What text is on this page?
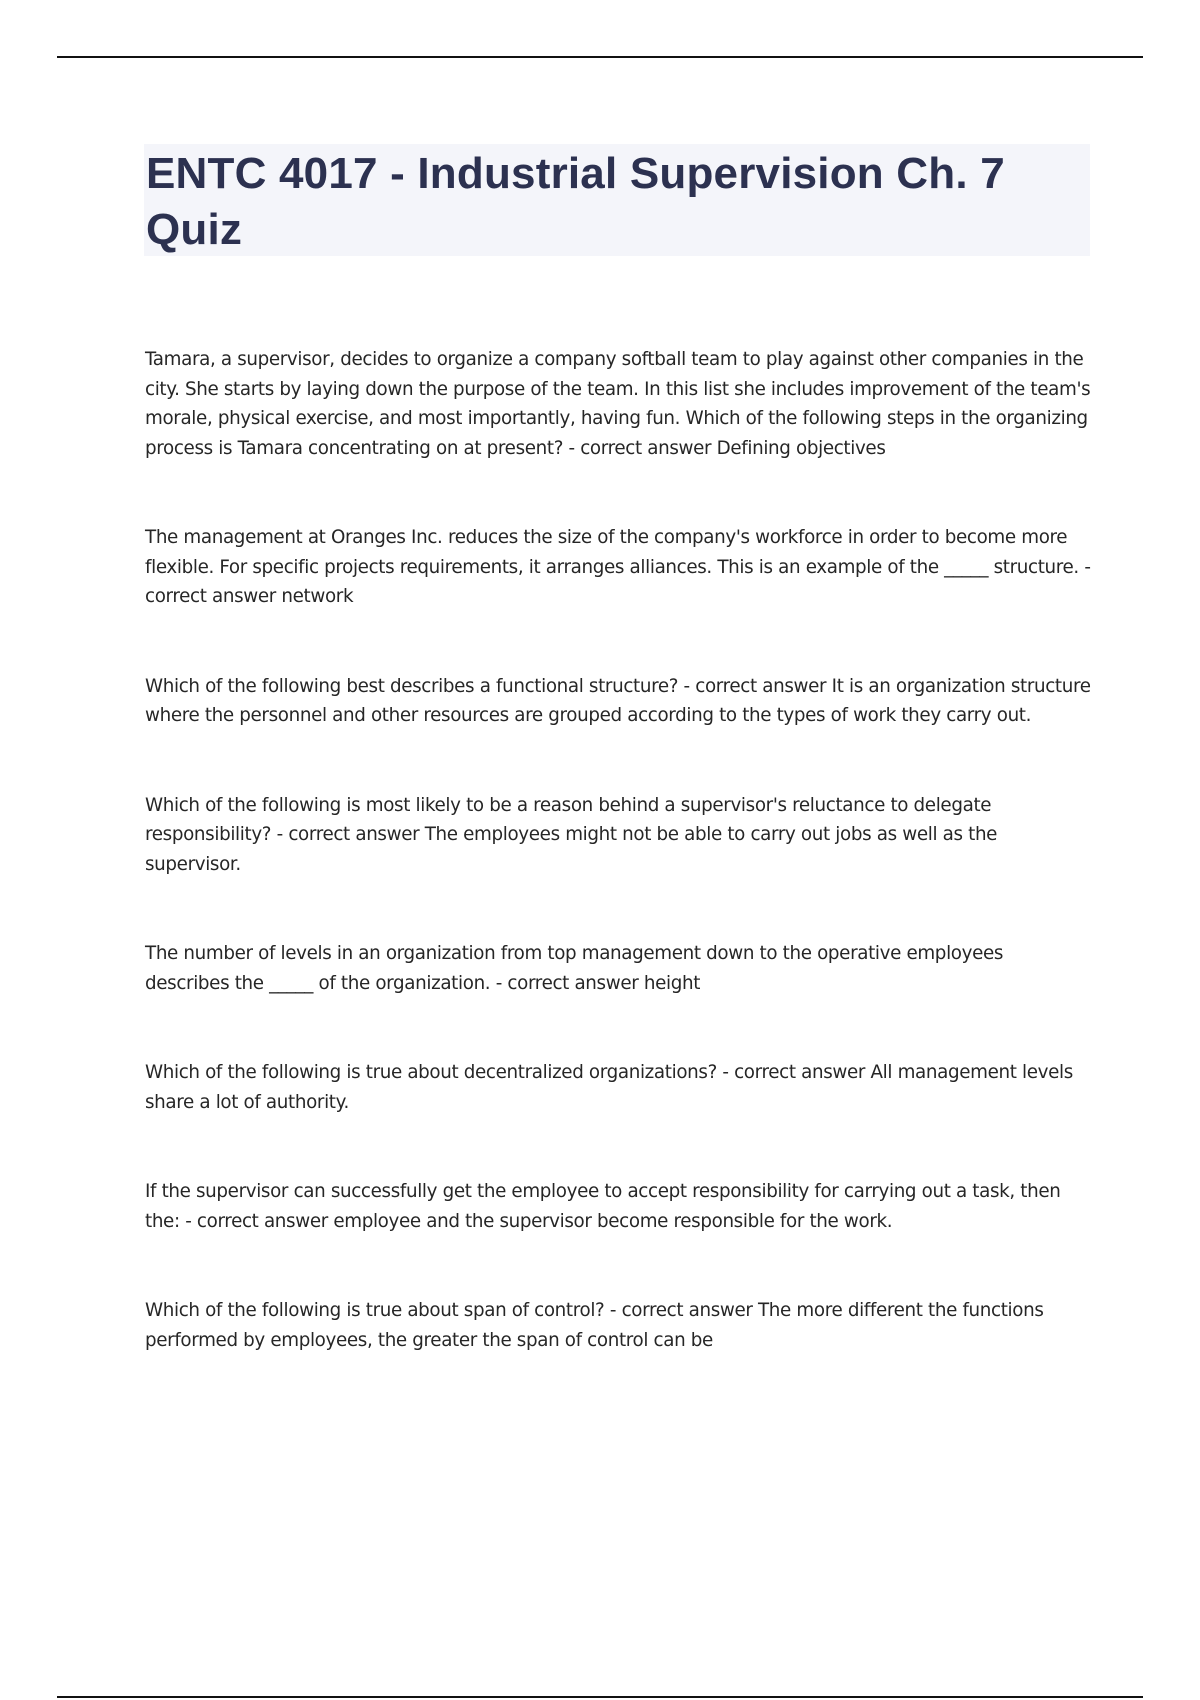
ENTC 4017 - Industrial Supervision Ch. 7 Quiz

Tamara, a supervisor, decides to organize a company softball team to play against other companies in the city. She starts by laying down the purpose of the team. In this list she includes improvement of the team's morale, physical exercise, and most importantly, having fun. Which of the following steps in the organizing process is Tamara concentrating on at present? - correct answer Defining objectives

The management at Oranges Inc. reduces the size of the company's workforce in order to become more flexible. For specific projects requirements, it arranges alliances. This is an example of the _____ structure. - correct answer network

Which of the following best describes a functional structure? - correct answer It is an organization structure where the personnel and other resources are grouped according to the types of work they carry out.

Which of the following is most likely to be a reason behind a supervisor's reluctance to delegate responsibility? - correct answer The employees might not be able to carry out jobs as well as the supervisor.

The number of levels in an organization from top management down to the operative employees describes the _____ of the organization. - correct answer height

Which of the following is true about decentralized organizations? - correct answer All management levels share a lot of authority.

If the supervisor can successfully get the employee to accept responsibility for carrying out a task, then the: - correct answer employee and the supervisor become responsible for the work.

Which of the following is true about span of control? - correct answer The more different the functions performed by employees, the greater the span of control can be
